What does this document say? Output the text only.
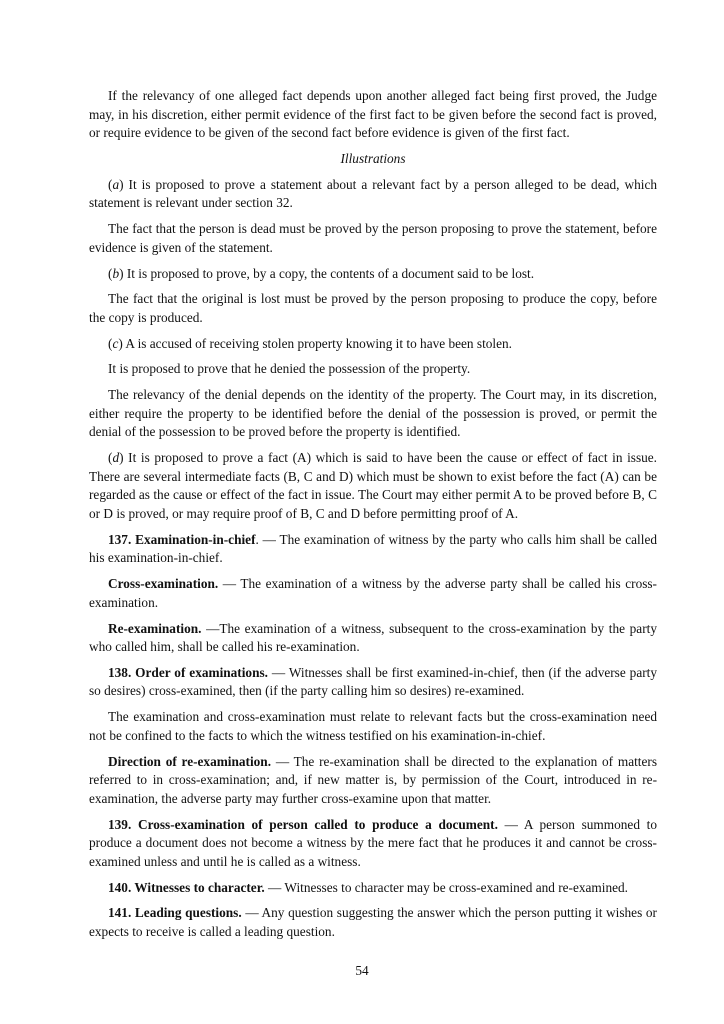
If the relevancy of one alleged fact depends upon another alleged fact being first proved, the Judge may, in his discretion, either permit evidence of the first fact to be given before the second fact is proved, or require evidence to be given of the second fact before evidence is given of the first fact.

Illustrations

(a) It is proposed to prove a statement about a relevant fact by a person alleged to be dead, which statement is relevant under section 32.

The fact that the person is dead must be proved by the person proposing to prove the statement, before evidence is given of the statement.

(b) It is proposed to prove, by a copy, the contents of a document said to be lost.

The fact that the original is lost must be proved by the person proposing to produce the copy, before the copy is produced.

(c) A is accused of receiving stolen property knowing it to have been stolen.

It is proposed to prove that he denied the possession of the property.

The relevancy of the denial depends on the identity of the property. The Court may, in its discretion, either require the property to be identified before the denial of the possession is proved, or permit the denial of the possession to be proved before the property is identified.

(d) It is proposed to prove a fact (A) which is said to have been the cause or effect of fact in issue. There are several intermediate facts (B, C and D) which must be shown to exist before the fact (A) can be regarded as the cause or effect of the fact in issue. The Court may either permit A to be proved before B, C or D is proved, or may require proof of B, C and D before permitting proof of A.

137. Examination-in-chief. — The examination of witness by the party who calls him shall be called his examination-in-chief.

Cross-examination. — The examination of a witness by the adverse party shall be called his cross-examination.

Re-examination. —The examination of a witness, subsequent to the cross-examination by the party who called him, shall be called his re-examination.

138. Order of examinations. — Witnesses shall be first examined-in-chief, then (if the adverse party so desires) cross-examined, then (if the party calling him so desires) re-examined.

The examination and cross-examination must relate to relevant facts but the cross-examination need not be confined to the facts to which the witness testified on his examination-in-chief.

Direction of re-examination. — The re-examination shall be directed to the explanation of matters referred to in cross-examination; and, if new matter is, by permission of the Court, introduced in re-examination, the adverse party may further cross-examine upon that matter.

139. Cross-examination of person called to produce a document. — A person summoned to produce a document does not become a witness by the mere fact that he produces it and cannot be cross-examined unless and until he is called as a witness.

140. Witnesses to character. — Witnesses to character may be cross-examined and re-examined.

141. Leading questions. — Any question suggesting the answer which the person putting it wishes or expects to receive is called a leading question.

54
